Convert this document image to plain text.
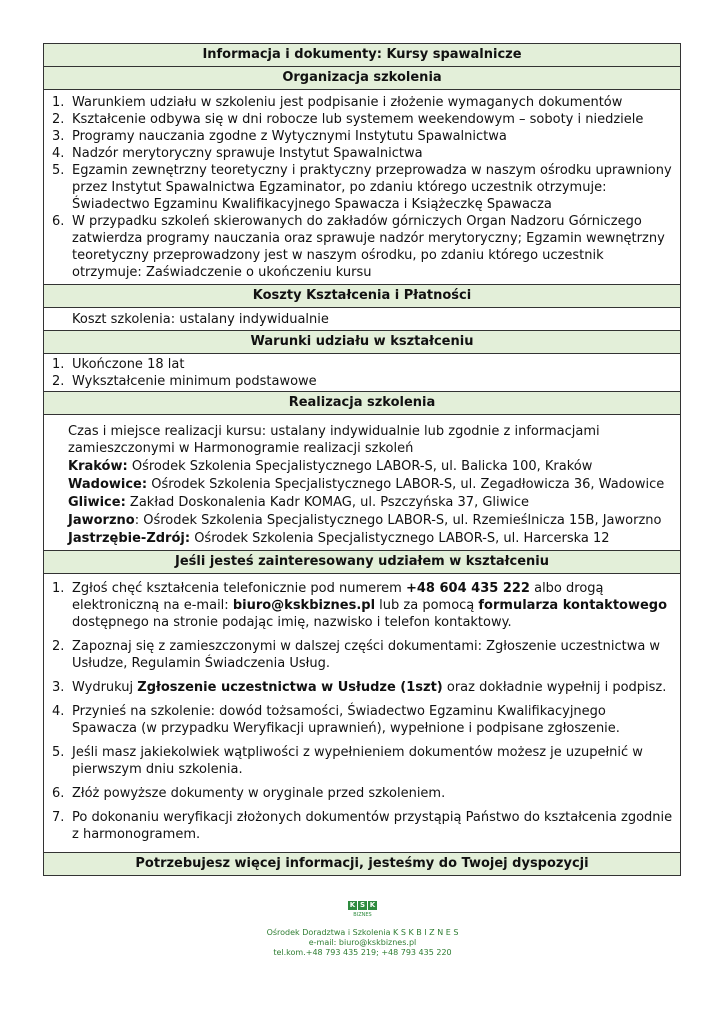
Informacja i dokumenty: Kursy spawalnicze
Organizacja szkolenia
1. Warunkiem udziału w szkoleniu jest podpisanie i złożenie wymaganych dokumentów
2. Kształcenie odbywa się w dni robocze lub systemem weekendowym – soboty i niedziele
3. Programy nauczania zgodne z Wytycznymi Instytutu Spawalnictwa
4. Nadzór merytoryczny sprawuje Instytut Spawalnictwa
5. Egzamin zewnętrzny teoretyczny i praktyczny przeprowadza w naszym ośrodku uprawniony przez Instytut Spawalnictwa Egzaminator, po zdaniu którego uczestnik otrzymuje: Świadectwo Egzaminu Kwalifikacyjnego Spawacza i Książeczkę Spawacza
6. W przypadku szkoleń skierowanych do zakładów górniczych Organ Nadzoru Górniczego zatwierdza programy nauczania oraz sprawuje nadzór merytoryczny; Egzamin wewnętrzny teoretyczny przeprowadzony jest w naszym ośrodku, po zdaniu którego uczestnik otrzymuje: Zaświadczenie o ukończeniu kursu
Koszty Kształcenia i Płatności
Koszt szkolenia: ustalany indywidualnie
Warunki udziału w kształceniu
1. Ukończone 18 lat
2. Wykształcenie minimum podstawowe
Realizacja szkolenia
Czas i miejsce realizacji kursu: ustalany indywidualnie lub zgodnie z informacjami zamieszczonymi w Harmonogramie realizacji szkoleń
Kraków: Ośrodek Szkolenia Specjalistycznego LABOR-S, ul. Balicka 100, Kraków
Wadowice: Ośrodek Szkolenia Specjalistycznego LABOR-S, ul. Zegadłowicza 36, Wadowice
Gliwice: Zakład Doskonalenia Kadr KOMAG, ul. Pszczyńska 37, Gliwice
Jaworzno: Ośrodek Szkolenia Specjalistycznego LABOR-S, ul. Rzemieślnicza 15B, Jaworzno
Jastrzębie-Zdrój: Ośrodek Szkolenia Specjalistycznego LABOR-S, ul. Harcerska 12
Jeśli jesteś zainteresowany udziałem w kształceniu
1. Zgłoś chęć kształcenia telefonicznie pod numerem +48 604 435 222 albo drogą elektroniczną na e-mail: biuro@kskbiznes.pl lub za pomocą formularza kontaktowego dostępnego na stronie podając imię, nazwisko i telefon kontaktowy.
2. Zapoznaj się z zamieszczonymi w dalszej części dokumentami: Zgłoszenie uczestnictwa w Usłudze, Regulamin Świadczenia Usług.
3. Wydrukuj Zgłoszenie uczestnictwa w Usłudze (1szt) oraz dokładnie wypełnij i podpisz.
4. Przynieś na szkolenie: dowód tożsamości, Świadectwo Egzaminu Kwalifikacyjnego Spawacza (w przypadku Weryfikacji uprawnień), wypełnione i podpisane zgłoszenie.
5. Jeśli masz jakiekolwiek wątpliwości z wypełnieniem dokumentów możesz je uzupełnić w pierwszym dniu szkolenia.
6. Złóż powyższe dokumenty w oryginale przed szkoleniem.
7. Po dokonaniu weryfikacji złożonych dokumentów przystąpią Państwo do kształcenia zgodnie z harmonogramem.
Potrzebujesz więcej informacji, jesteśmy do Twojej dyspozycji
K S K
BIZNES
Ośrodek Doradztwa i Szkolenia K S K B I Z N E S
e-mail: biuro@kskbiznes.pl
tel.kom.+48 793 435 219; +48 793 435 220
